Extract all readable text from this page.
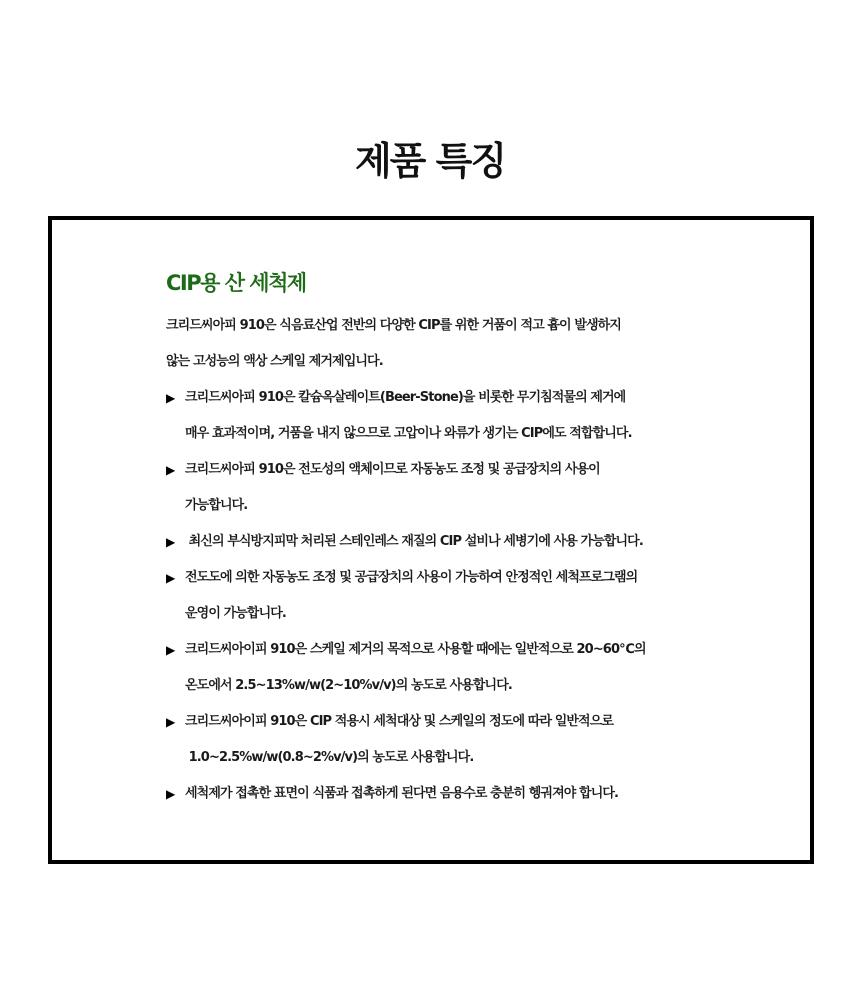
제품 특징
CIP용 산 세척제

크리드씨아피 910은 식음료산업 전반의 다양한 CIP를 위한 거품이 적고 흄이 발생하지
않는 고성능의 액상 스케일 제거제입니다.

▶ 크리드씨아피 910은 칼슘옥살레이트(Beer-Stone)을 비롯한 무기침적물의 제거에
매우 효과적이며, 거품을 내지 않으므로 고압이나 와류가 생기는 CIP에도 적합합니다.
▶ 크리드씨아피 910은 전도성의 액체이므로 자동농도 조정 및 공급장치의 사용이
가능합니다.
▶ 최신의 부식방지피막 처리된 스테인레스 재질의 CIP 설비나 세병기에 사용 가능합니다.
▶ 전도도에 의한 자동농도 조정 및 공급장치의 사용이 가능하여 안정적인 세척프로그램의
운영이 가능합니다.
▶ 크리드씨아이피 910은 스케일 제거의 목적으로 사용할 때에는 일반적으로 20~60℃의
온도에서 2.5~13%w/w(2~10%v/v)의 농도로 사용합니다.
▶ 크리드씨아이피 910은 CIP 적용시 세척대상 및 스케일의 정도에 따라 일반적으로
1.0~2.5%w/w(0.8~2%v/v)의 농도로 사용합니다.
▶ 세척제가 접촉한 표면이 식품과 접촉하게 된다면 음용수로 충분히 헹궈져야 합니다.
